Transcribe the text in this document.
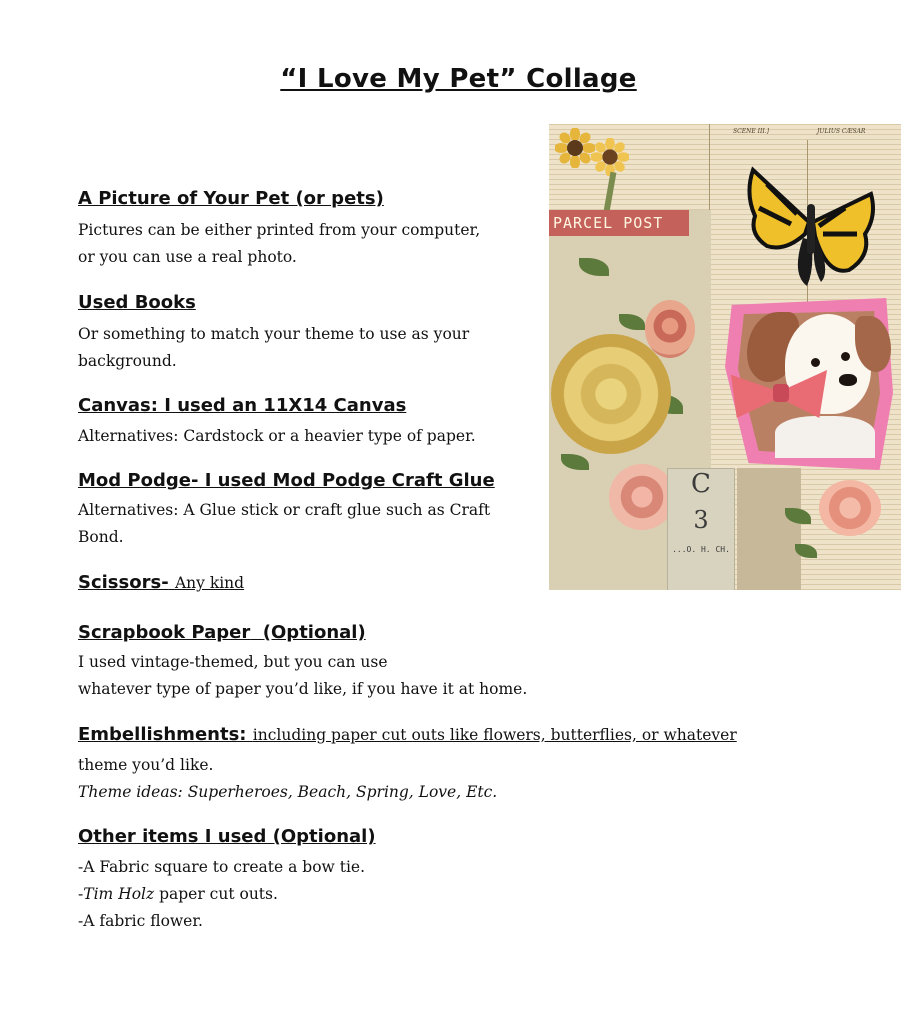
“I Love My Pet” Collage
A Picture of Your Pet (or pets)
Pictures can be either printed from your computer,
or you can use a real photo.
Used Books
Or something to match your theme to use as your
background.
Canvas: I used an 11X14 Canvas
Alternatives: Cardstock or a heavier type of paper.
Mod Podge- I used Mod Podge Craft Glue
Alternatives: A Glue stick or craft glue such as Craft
Bond.
Scissors- Any kind
Scrapbook Paper (Optional)
I used vintage-themed, but you can use
whatever type of paper you’d like, if you have it at home.
Embellishments: including paper cut outs like flowers, butterflies, or whatever
theme you’d like.
Theme ideas: Superheroes, Beach, Spring, Love, Etc.
Other items I used (Optional)
-A Fabric square to create a bow tie.
-Tim Holz paper cut outs.
-A fabric flower.
SCENE III.]	JULIUS CÆSAR
PARCEL POST
C
3
...O. H. CH.
